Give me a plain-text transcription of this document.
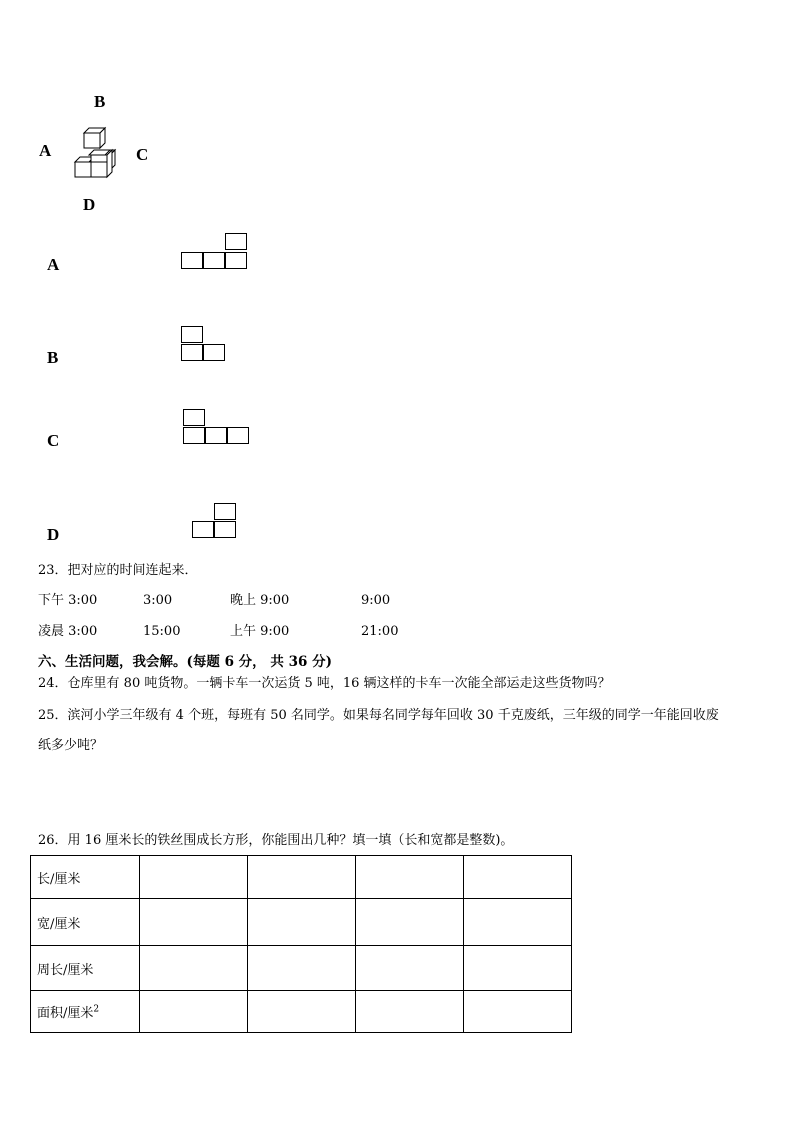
B
A	C
D
A
B
C
D
23．把对应的时间连起来．
下午 3:00	3:00	晚上 9:00	9:00
凌晨 3:00	15:00	上午 9:00	21:00
六、生活问题，我会解。(每题 6 分， 共 36 分)
24．仓库里有 80 吨货物。一辆卡车一次运货 5 吨，16 辆这样的卡车一次能全部运走这些货物吗？
25．滨河小学三年级有 4 个班，每班有 50 名同学。如果每名同学每年回收 30 千克废纸，三年级的同学一年能回收废
纸多少吨？
26．用 16 厘米长的铁丝围成长方形，你能围出几种？填一填（长和宽都是整数)。
长/厘米				
宽/厘米				
周长/厘米				
面积/厘米$^2$				
